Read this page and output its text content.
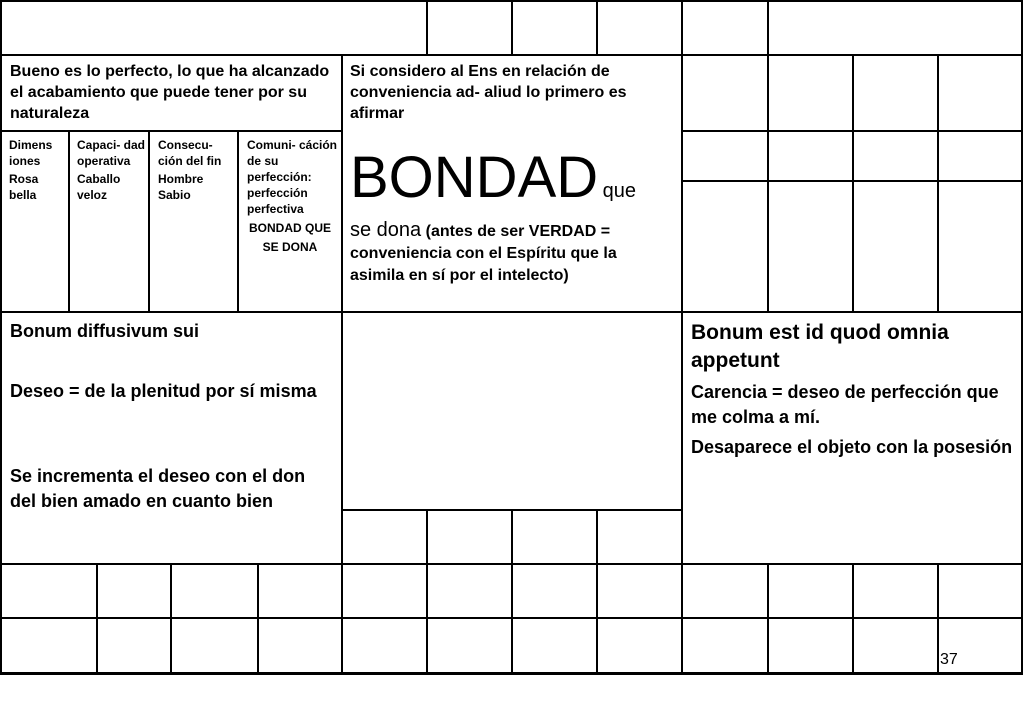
Bueno es lo perfecto, lo que ha alcanzado el acabamiento que puede tener por su naturaleza

Dimens iones

Rosa bella

Capaci- dad operativa

Caballo veloz

Consecu- ción del fin

Hombre Sabio

Comuni- cáción de su perfección: perfección perfectiva

BONDAD QUE SE DONA

Si considero al Ens en relación de conveniencia ad- aliud lo primero es afirmar
BONDAD que
se dona (antes de ser VERDAD = conveniencia con el Espíritu que la asimila en sí por el intelecto)
Bonum diffusivum sui
Deseo = de la plenitud por sí misma
Se incrementa el deseo con el don del bien amado en cuanto bien
Bonum est id quod omnia appetunt
Carencia = deseo de perfección que me colma a mí.
Desaparece el objeto con la posesión
37
